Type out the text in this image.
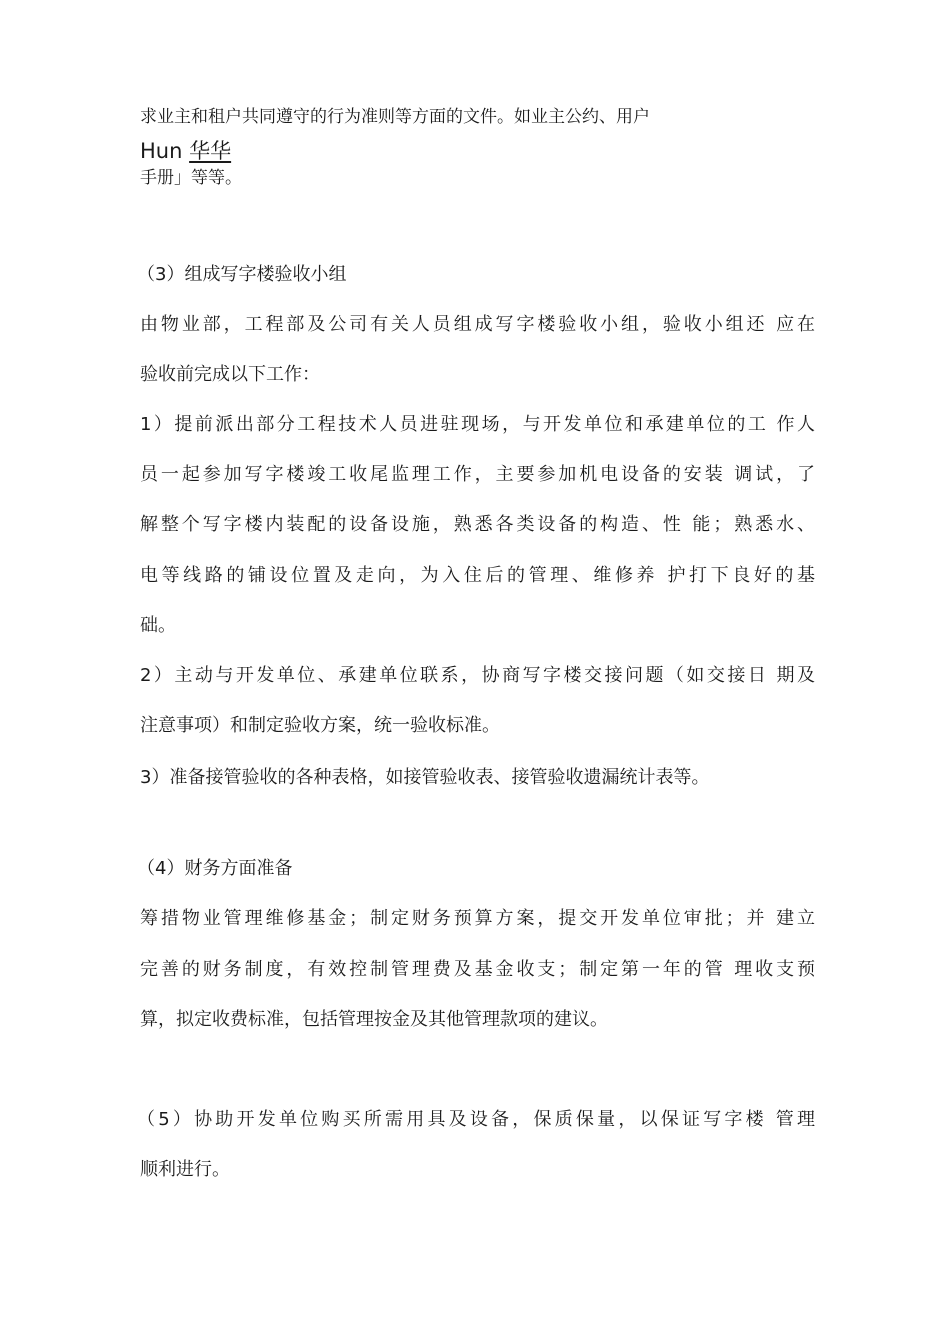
求业主和租户共同遵守的行为准则等方面的文件。如业主公约、用户
Hun 华华
手册」等等。
（3）组成写字楼验收小组
由物业部，工程部及公司有关人员组成写字楼验收小组，验收小组还 应在
验收前完成以下工作：
1）提前派出部分工程技术人员进驻现场，与开发单位和承建单位的工 作人
员一起参加写字楼竣工收尾监理工作，主要参加机电设备的安装 调试，了
解整个写字楼内装配的设备设施，熟悉各类设备的构造、性 能；熟悉水、
电等线路的铺设位置及走向，为入住后的管理、维修养 护打下良好的基
础。
2）主动与开发单位、承建单位联系，协商写字楼交接问题（如交接日 期及
注意事项）和制定验收方案，统一验收标准。
3）准备接管验收的各种表格，如接管验收表、接管验收遗漏统计表等。
（4）财务方面准备
筹措物业管理维修基金；制定财务预算方案，提交开发单位审批；并 建立
完善的财务制度，有效控制管理费及基金收支；制定第一年的管 理收支预
算，拟定收费标准，包括管理按金及其他管理款项的建议。
（5）协助开发单位购买所需用具及设备，保质保量，以保证写字楼 管理
顺利进行。
